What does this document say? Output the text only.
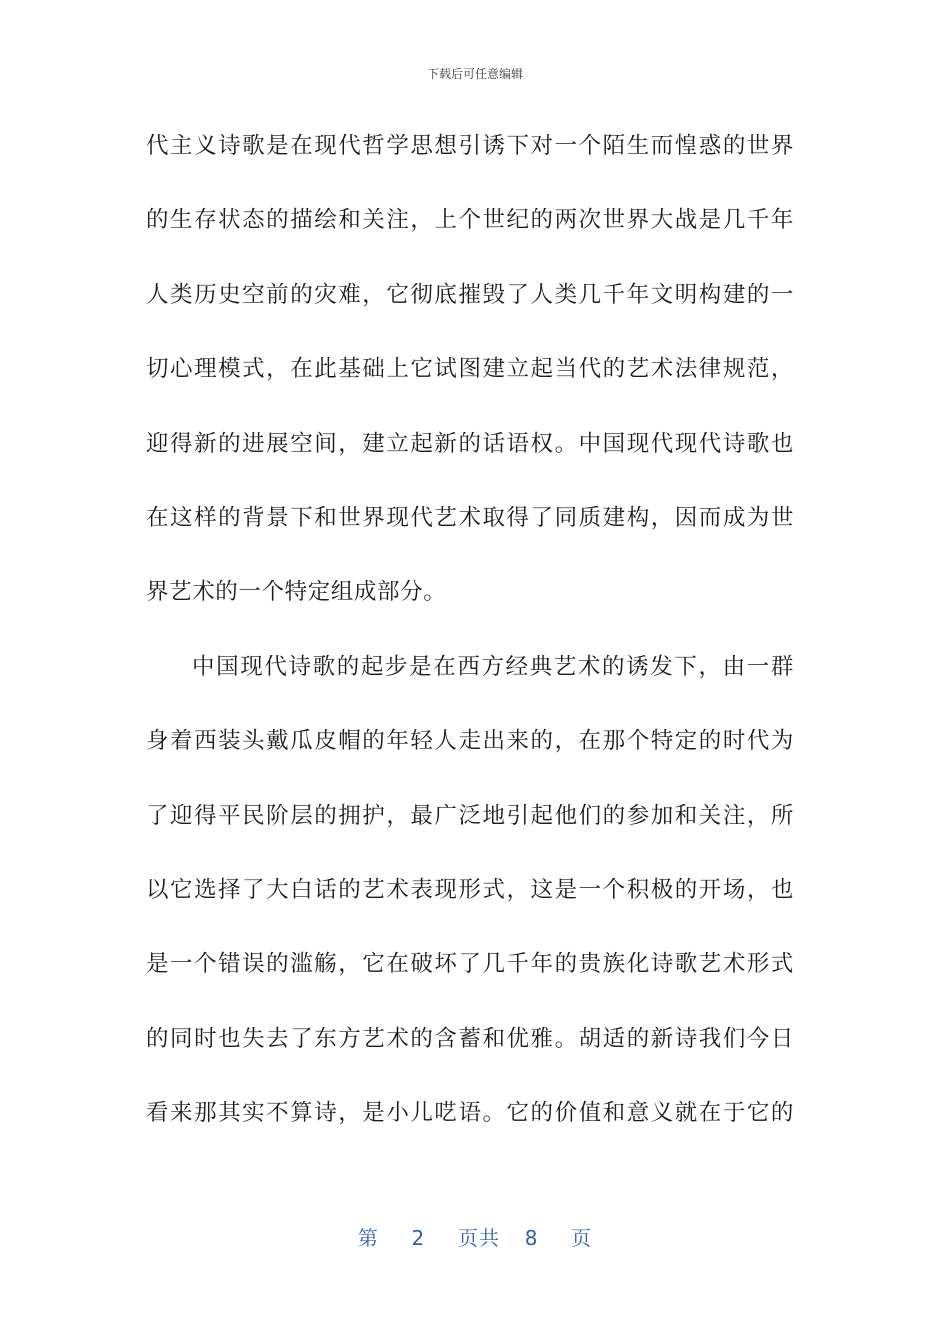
下载后可任意编辑
代主义诗歌是在现代哲学思想引诱下对一个陌生而惶惑的世界
的生存状态的描绘和关注，上个世纪的两次世界大战是几千年
人类历史空前的灾难，它彻底摧毁了人类几千年文明构建的一
切心理模式，在此基础上它试图建立起当代的艺术法律规范，
迎得新的进展空间，建立起新的话语权。中国现代现代诗歌也
在这样的背景下和世界现代艺术取得了同质建构，因而成为世
界艺术的一个特定组成部分。
中国现代诗歌的起步是在西方经典艺术的诱发下，由一群
身着西装头戴瓜皮帽的年轻人走出来的，在那个特定的时代为
了迎得平民阶层的拥护，最广泛地引起他们的参加和关注，所
以它选择了大白话的艺术表现形式，这是一个积极的开场，也
是一个错误的滥觞，它在破坏了几千年的贵族化诗歌艺术形式
的同时也失去了东方艺术的含蓄和优雅。胡适的新诗我们今日
看来那其实不算诗，是小儿呓语。它的价值和意义就在于它的
第 2 页共 8 页
